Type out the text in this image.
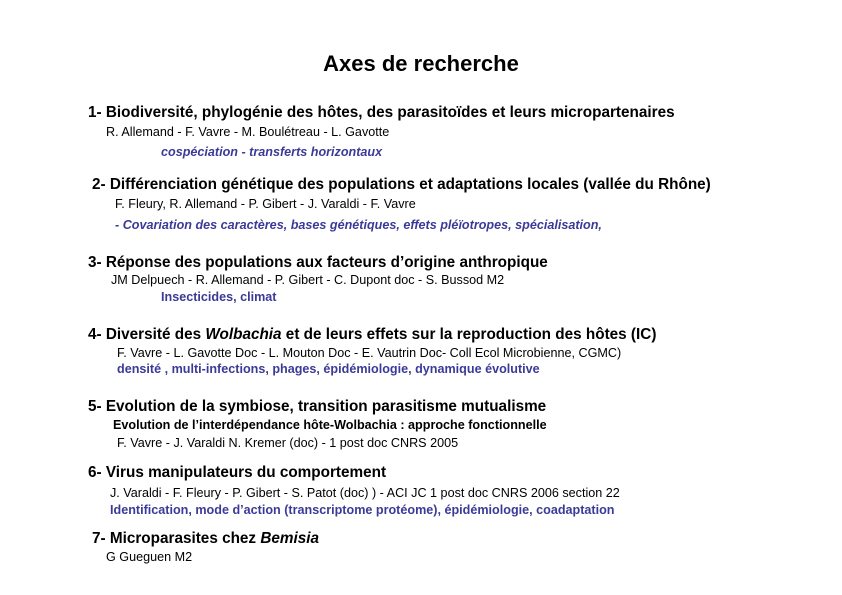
Axes de recherche
1- Biodiversité, phylogénie des hôtes, des parasitoïdes et leurs micropartenaires
R. Allemand - F. Vavre - M. Boulétreau - L. Gavotte
cospéciation - transferts horizontaux
2- Différenciation génétique des populations et adaptations locales (vallée du Rhône)
F. Fleury, R. Allemand - P. Gibert - J. Varaldi - F. Vavre
- Covariation des caractères, bases génétiques, effets pléïotropes, spécialisation,
3- Réponse des populations aux facteurs d’origine anthropique
JM Delpuech - R. Allemand - P. Gibert - C. Dupont doc - S. Bussod M2
Insecticides, climat
4- Diversité des Wolbachia et de leurs effets sur la reproduction des hôtes (IC)
F. Vavre - L. Gavotte Doc - L. Mouton Doc - E. Vautrin Doc- Coll Ecol Microbienne, CGMC)
densité , multi-infections, phages, épidémiologie, dynamique évolutive
5- Evolution de la symbiose, transition parasitisme mutualisme
Evolution de l’interdépendance hôte-Wolbachia : approche fonctionnelle
F. Vavre - J. Varaldi N. Kremer (doc) - 1 post doc CNRS 2005
6- Virus manipulateurs du comportement
J. Varaldi - F. Fleury - P. Gibert - S. Patot (doc) ) - ACI JC 1 post doc CNRS 2006 section 22
Identification, mode d’action (transcriptome protéome), épidémiologie, coadaptation
7- Microparasites chez Bemisia
G Gueguen M2
